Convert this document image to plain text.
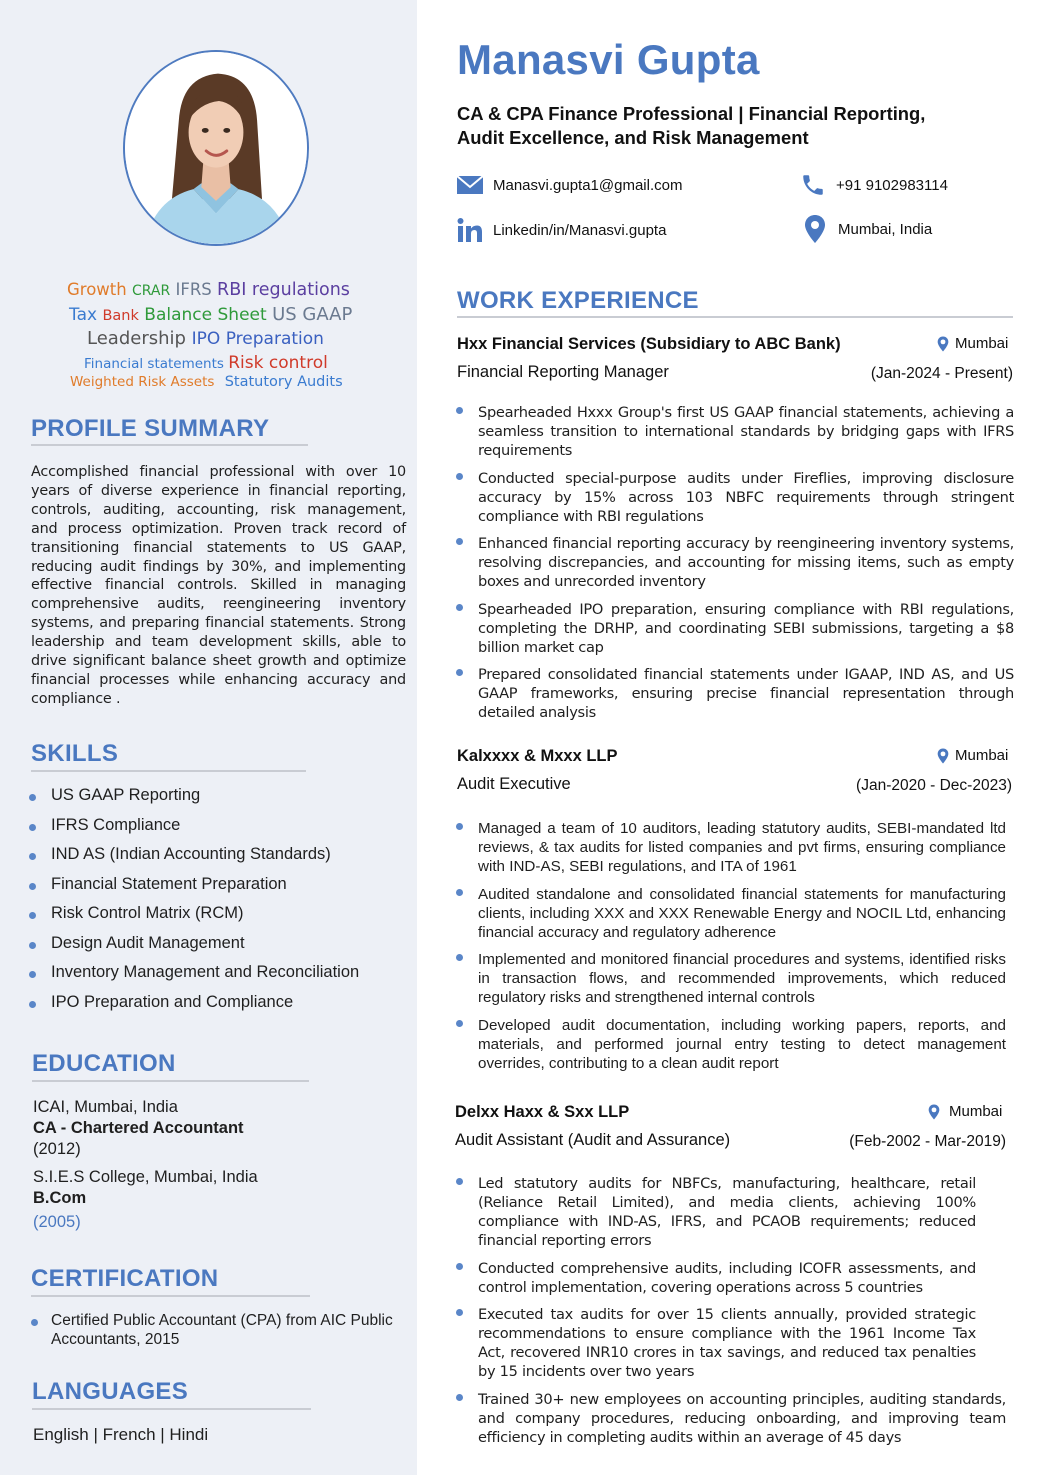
Growth CRAR IFRS RBI regulations
Tax Bank Balance Sheet US GAAP
Leadership IPO Preparation
Financial statements Risk control
Weighted Risk Assets Statutory Audits
PROFILE SUMMARY
Accomplished financial professional with over 10 years of diverse experience in financial reporting, controls, auditing, accounting, risk management, and process optimization. Proven track record of transitioning financial statements to US GAAP, reducing audit findings by 30%, and implementing effective financial controls. Skilled in managing comprehensive audits, reengineering inventory systems, and preparing financial statements. Strong leadership and team development skills, able to drive significant balance sheet growth and optimize financial processes while enhancing accuracy and compliance .
SKILLS
US GAAP Reporting
IFRS Compliance
IND AS (Indian Accounting Standards)
Financial Statement Preparation
Risk Control Matrix (RCM)
Design Audit Management
Inventory Management and Reconciliation
IPO Preparation and Compliance
EDUCATION
ICAI, Mumbai, India
CA - Chartered Accountant
(2012)
S.I.E.S College, Mumbai, India
B.Com
(2005)
CERTIFICATION
Certified Public Accountant (CPA) from AIC Public Accountants, 2015
LANGUAGES
English | French | Hindi
Manasvi Gupta
CA & CPA Finance Professional | Financial Reporting,
Audit Excellence, and Risk Management
Manasvi.gupta1@gmail.com	+91 9102983114
Linkedin/in/Manasvi.gupta	Mumbai, India
WORK EXPERIENCE
Hxx Financial Services (Subsidiary to ABC Bank)	Mumbai
Financial Reporting Manager	(Jan-2024 - Present)
Spearheaded Hxxx Group's first US GAAP financial statements, achieving a seamless transition to international standards by bridging gaps with IFRS requirements
Conducted special-purpose audits under Fireflies, improving disclosure accuracy by 15% across 103 NBFC requirements through stringent compliance with RBI regulations
Enhanced financial reporting accuracy by reengineering inventory systems, resolving discrepancies, and accounting for missing items, such as empty boxes and unrecorded inventory
Spearheaded IPO preparation, ensuring compliance with RBI regulations, completing the DRHP, and coordinating SEBI submissions, targeting a $8 billion market cap
Prepared consolidated financial statements under IGAAP, IND AS, and US GAAP frameworks, ensuring precise financial representation through detailed analysis
Kalxxxx & Mxxx LLP	Mumbai
Audit Executive	(Jan-2020 - Dec-2023)
Managed a team of 10 auditors, leading statutory audits, SEBI-mandated ltd reviews, & tax audits for listed companies and pvt firms, ensuring compliance with IND-AS, SEBI regulations, and ITA of 1961
Audited standalone and consolidated financial statements for manufacturing clients, including XXX and XXX Renewable Energy and NOCIL Ltd, enhancing financial accuracy and regulatory adherence
Implemented and monitored financial procedures and systems, identified risks in transaction flows, and recommended improvements, which reduced regulatory risks and strengthened internal controls
Developed audit documentation, including working papers, reports, and materials, and performed journal entry testing to detect management overrides, contributing to a clean audit report
Delxx Haxx & Sxx LLP	Mumbai
Audit Assistant (Audit and Assurance)	(Feb-2002 - Mar-2019)
Led statutory audits for NBFCs, manufacturing, healthcare, retail (Reliance Retail Limited), and media clients, achieving 100% compliance with IND-AS, IFRS, and PCAOB requirements; reduced financial reporting errors
Conducted comprehensive audits, including ICOFR assessments, and control implementation, covering operations across 5 countries
Executed tax audits for over 15 clients annually, provided strategic recommendations to ensure compliance with the 1961 Income Tax Act, recovered INR10 crores in tax savings, and reduced tax penalties by 15 incidents over two years
Trained 30+ new employees on accounting principles, auditing standards, and company procedures, reducing onboarding, and improving team efficiency in completing audits within an average of 45 days
